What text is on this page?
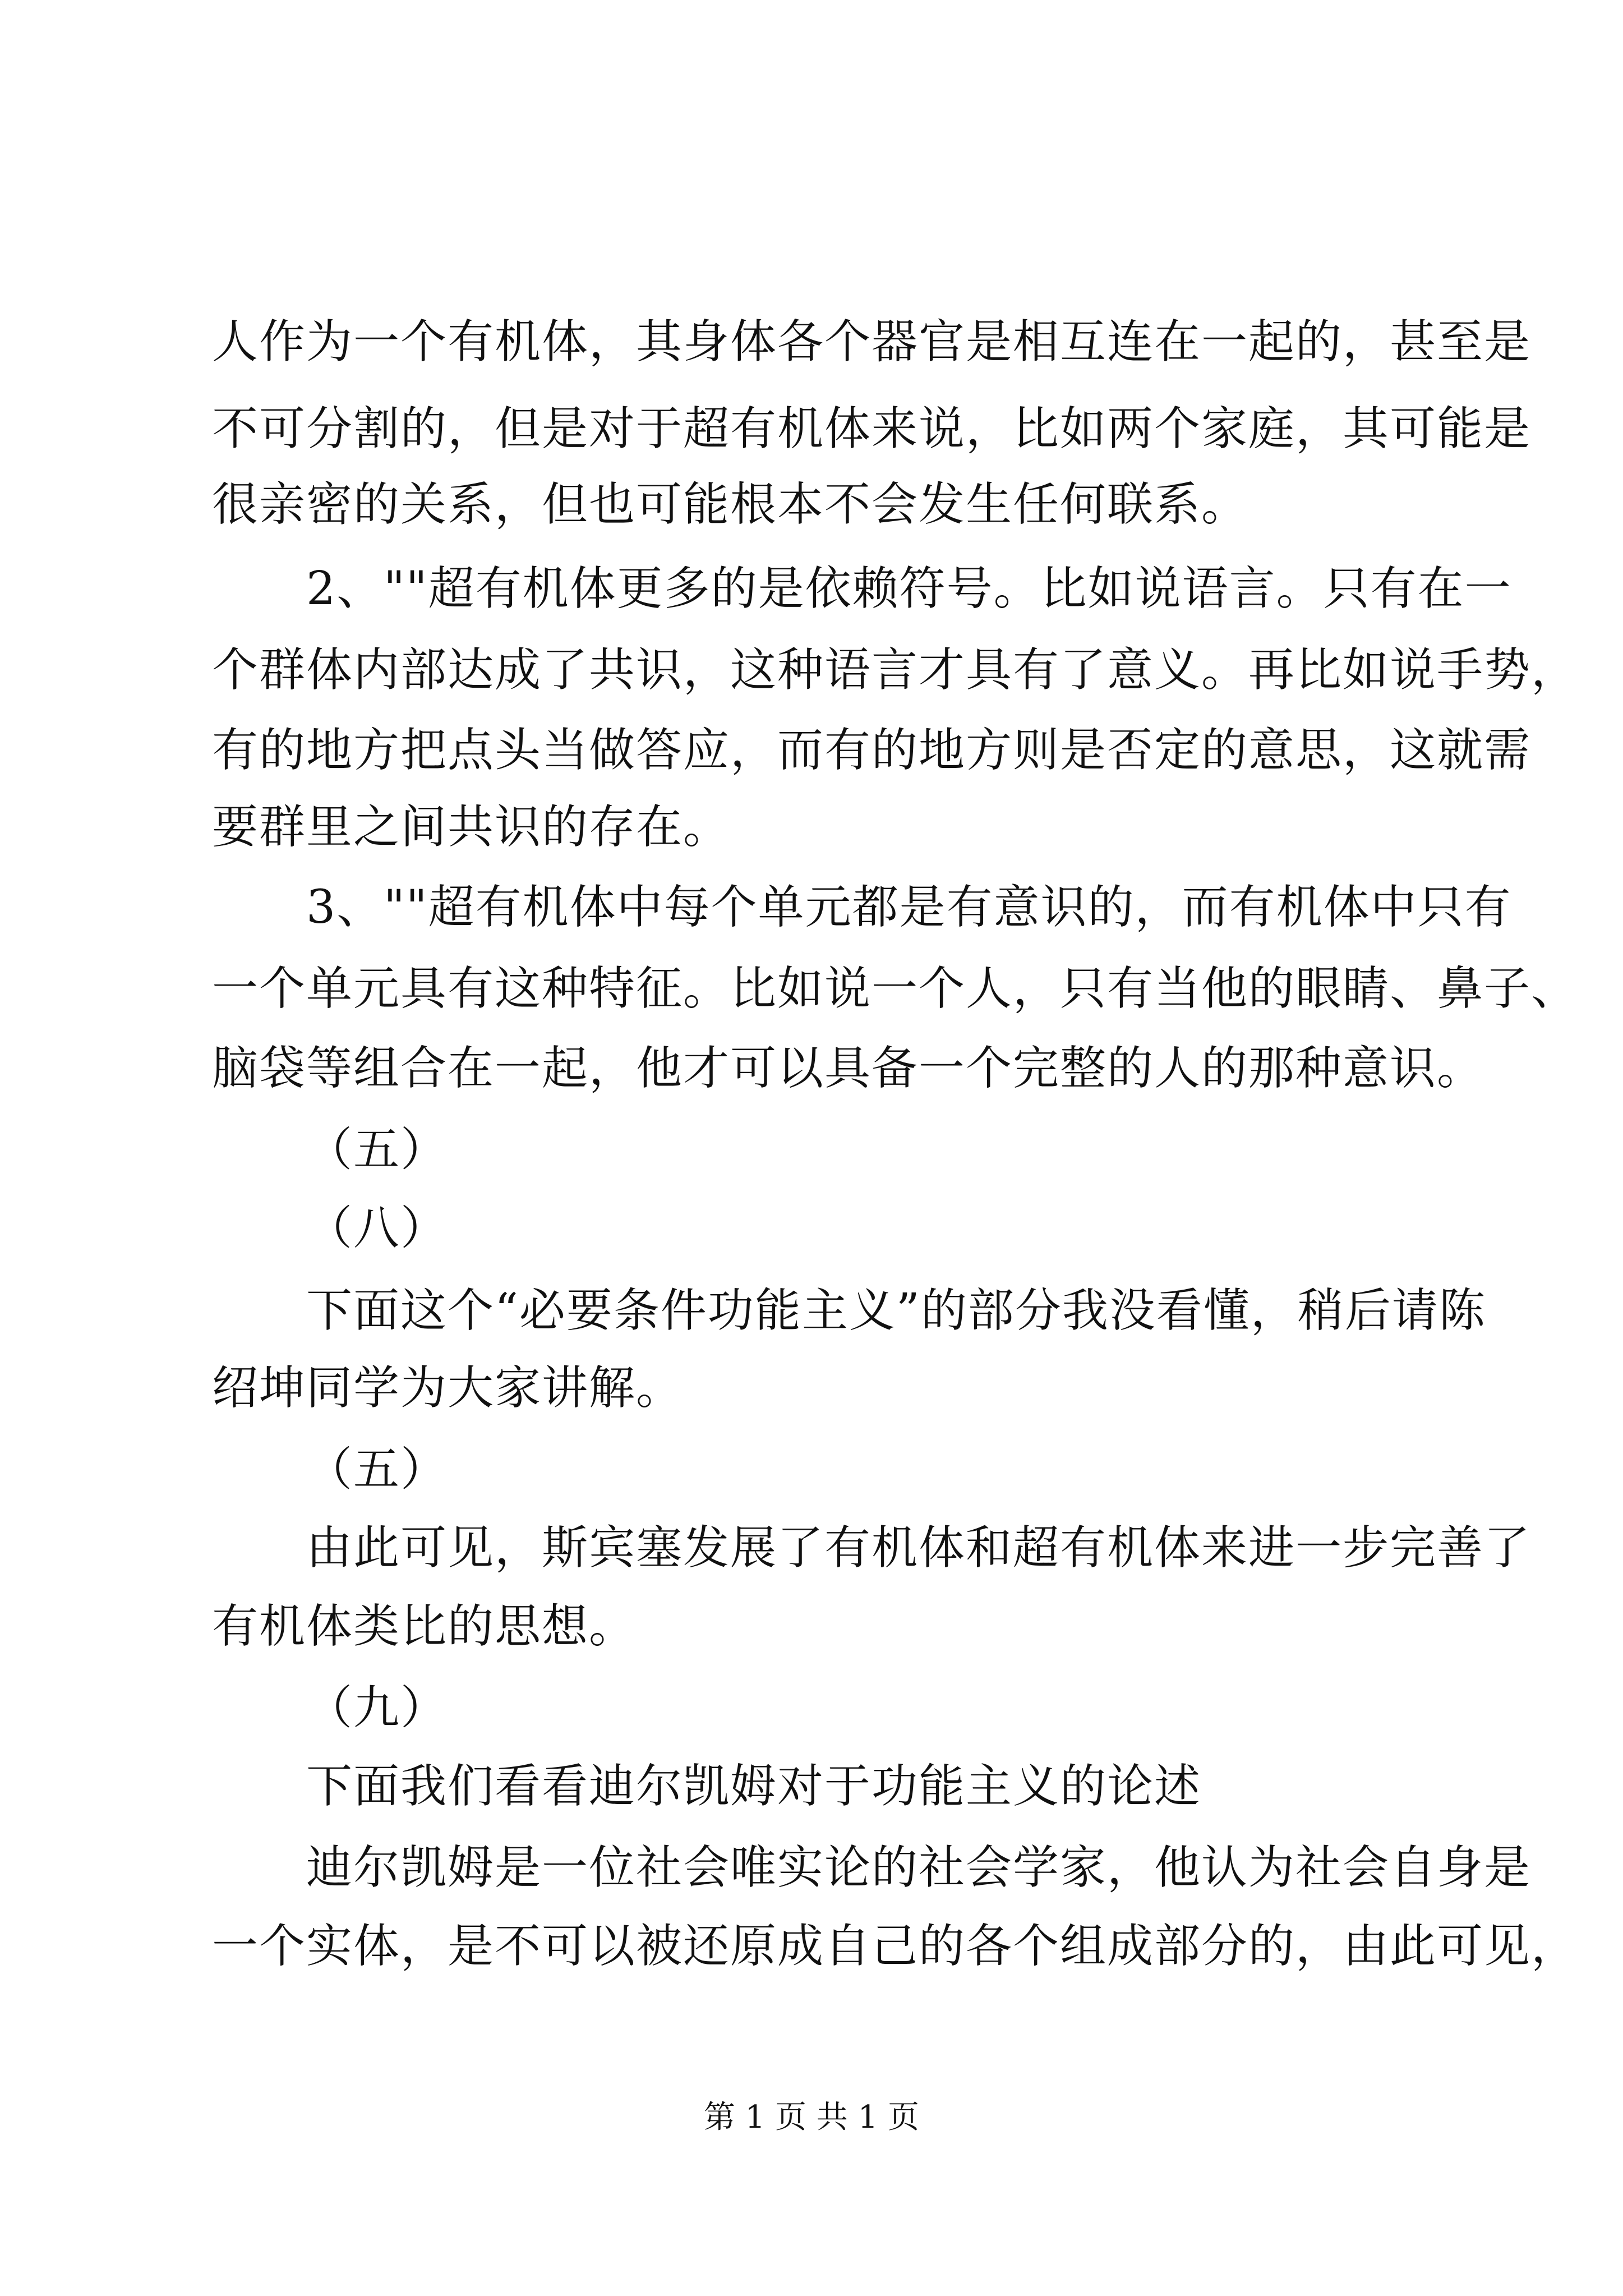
人作为一个有机体，其身体各个器官是相互连在一起的，甚至是
不可分割的，但是对于超有机体来说，比如两个家庭，其可能是
很亲密的关系，但也可能根本不会发生任何联系。
2、""超有机体更多的是依赖符号。比如说语言。只有在一
个群体内部达成了共识，这种语言才具有了意义。再比如说手势，
有的地方把点头当做答应，而有的地方则是否定的意思，这就需
要群里之间共识的存在。
3、""超有机体中每个单元都是有意识的，而有机体中只有
一个单元具有这种特征。比如说一个人，只有当他的眼睛、鼻子、
脑袋等组合在一起，他才可以具备一个完整的人的那种意识。
（五）
（八）
下面这个“必要条件功能主义”的部分我没看懂，稍后请陈
绍坤同学为大家讲解。
（五）
由此可见，斯宾塞发展了有机体和超有机体来进一步完善了
有机体类比的思想。
（九）
下面我们看看迪尔凯姆对于功能主义的论述
迪尔凯姆是一位社会唯实论的社会学家，他认为社会自身是
一个实体，是不可以被还原成自己的各个组成部分的，由此可见，
第 1 页 共 1 页
